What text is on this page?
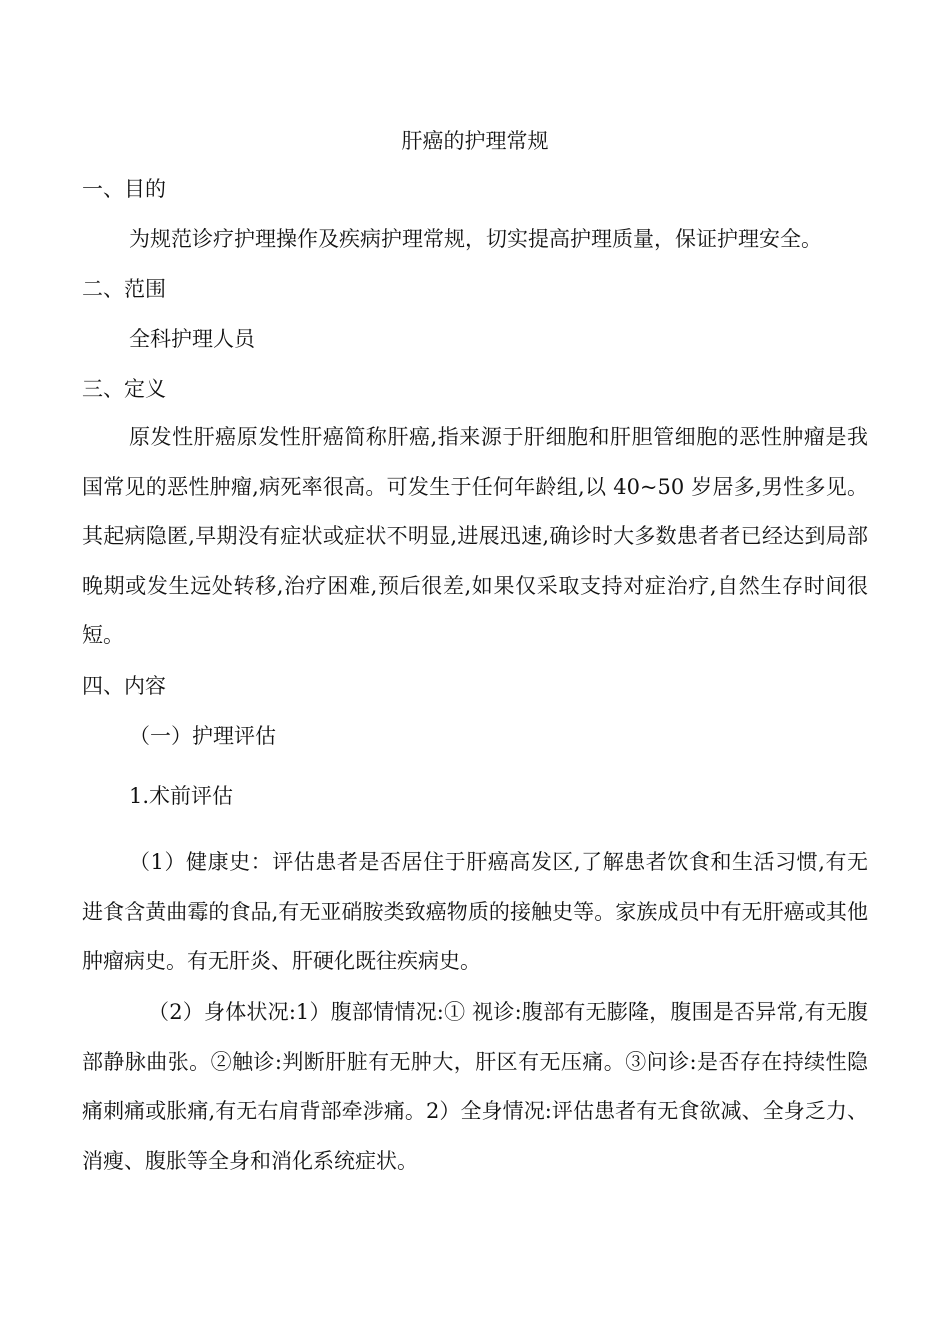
肝癌的护理常规
一、目的
为规范诊疗护理操作及疾病护理常规，切实提高护理质量，保证护理安全。
二、范围
全科护理人员
三、定义
原发性肝癌原发性肝癌简称肝癌,指来源于肝细胞和肝胆管细胞的恶性肿瘤是我国常见的恶性肿瘤,病死率很高。可发生于任何年龄组,以 40~50 岁居多,男性多见。其起病隐匿,早期没有症状或症状不明显,进展迅速,确诊时大多数患者者已经达到局部晚期或发生远处转移,治疗困难,预后很差,如果仅采取支持对症治疗,自然生存时间很短。
四、内容
（一）护理评估
1.术前评估
（1）健康史：评估患者是否居住于肝癌高发区,了解患者饮食和生活习惯,有无进食含黄曲霉的食品,有无亚硝胺类致癌物质的接触史等。家族成员中有无肝癌或其他肿瘤病史。有无肝炎、肝硬化既往疾病史。
（2）身体状况:1）腹部情情况:① 视诊:腹部有无膨隆，腹围是否异常,有无腹部静脉曲张。②触诊:判断肝脏有无肿大，肝区有无压痛。③问诊:是否存在持续性隐痛刺痛或胀痛,有无右肩背部牵涉痛。2）全身情况:评估患者有无食欲减、全身乏力、消瘦、腹胀等全身和消化系统症状。
